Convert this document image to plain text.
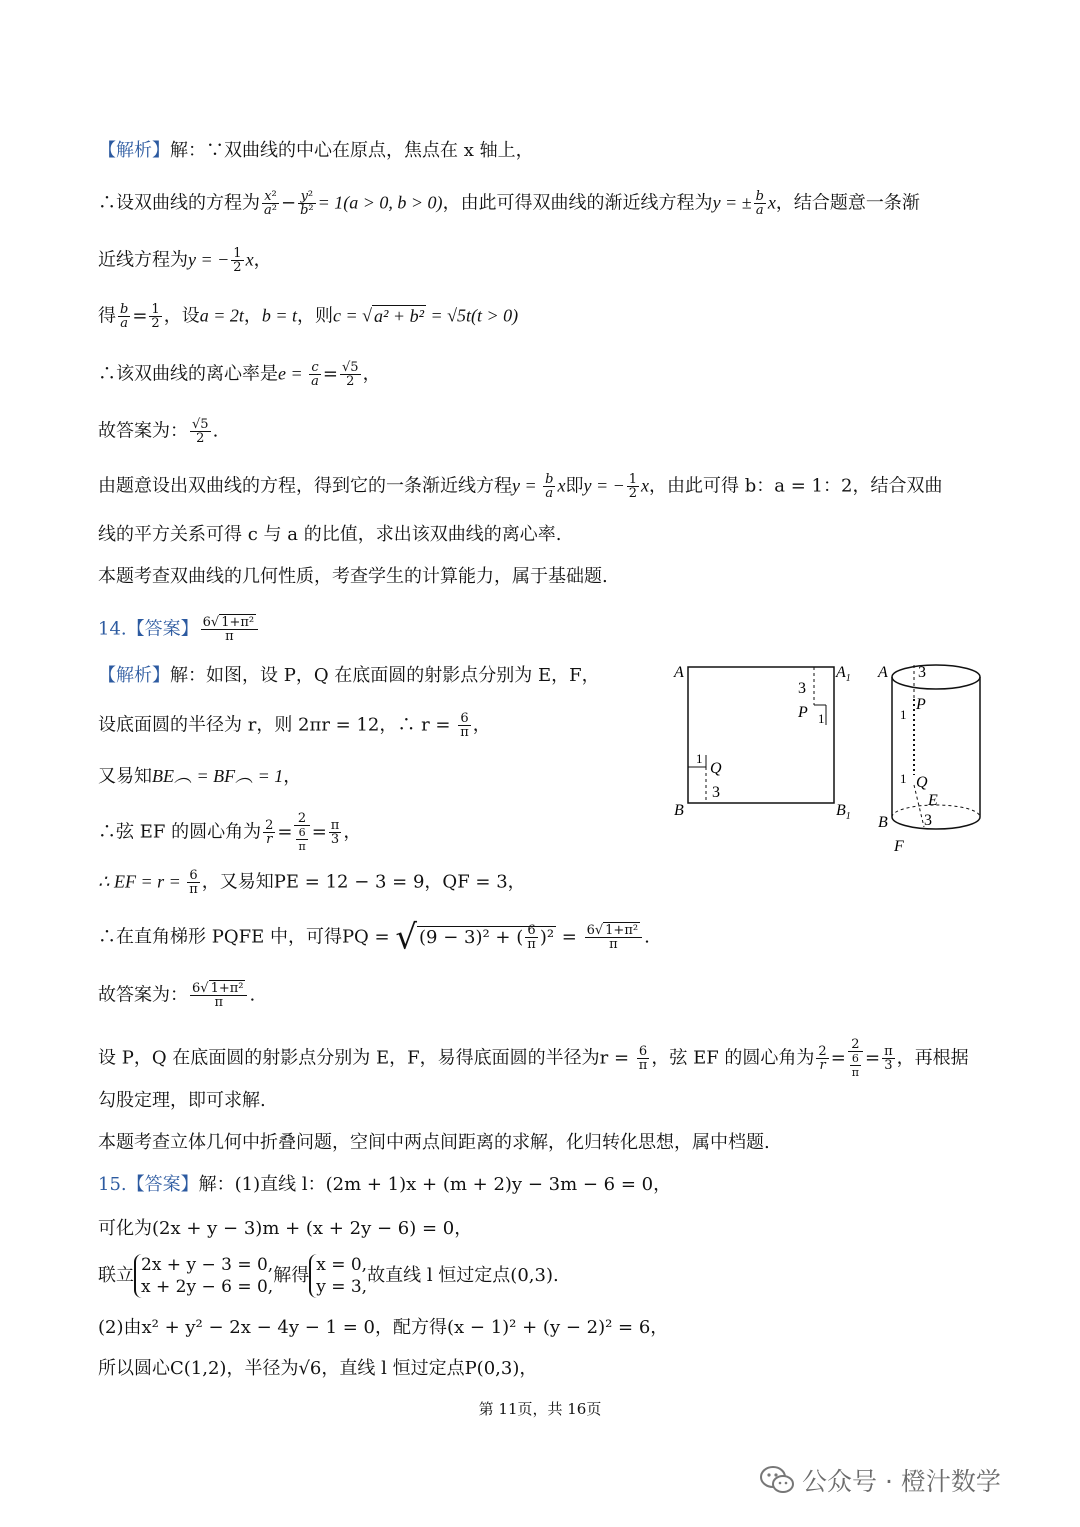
【解析】解：∵双曲线的中心在原点，焦点在 x 轴上，
∴设双曲线的方程为 $\frac{\text{x²}}{\text{a²}} - \frac{\text{y²}}{\text{b²}} = 1(a > 0$, b > 0)，由此可得双曲线的渐近线方程为y = ± $\frac{b}{a}$ x，结合题意一条渐
近线方程为y = − $\frac{1}{2}$ x，
得 $\frac{b}{a} = \frac{1}{2}$ ，设a = 2t，b = t，则c = √ a² + b² = √5t(t > 0)
∴该双曲线的离心率是$e = \frac{c}{a} = \frac{√5}{2}$ ，
故答案为： $\frac{√5}{2}$ .
由题意设出双曲线的方程，得到它的一条渐近线方程$y = \frac{b}{a}$ x即y = − $\frac{1}{2}$ x，由此可得 b：a = 1：2，结合双曲
线的平方关系可得 c 与 a 的比值，求出该双曲线的离心率.
本题考查双曲线的几何性质，考查学生的计算能力，属于基础题.
14.【答案】 $\frac{\text{6√ 1+π²}}{\pi}$
【解析】解：如图，设 P，Q 在底面圆的射影点分别为 E，F，
设底面圆的半径为 r，则 2πr = 12，∴ $r = \frac{6}{\pi}$ ，
又易知BE︵ = BF︵ = 1，
∴弦 EF 的圆心角为 $\frac{2}{r} = \frac{2}{\frac{6}{\pi}} = \frac{\pi}{3}$ ，
∴ EF = $r = \frac{6}{\pi}$ ，又易知PE = 12 − 3 = 9，QF = 3，
∴在直角梯形 PQFE 中，可得PQ = √ (9 − 3)² + ( $\frac{6}{\pi} )^2 = \frac{\text{6√ 1+π²}}{\pi}$ .
故答案为： $\frac{\text{6√ 1+π²}}{\pi}$ .
设 P，Q 在底面圆的射影点分别为 E，F，易得底面圆的半径为$r = \frac{6}{\pi}$ ，弦 EF 的圆心角为 $\frac{2}{r} = \frac{2}{\frac{6}{\pi}} = \frac{\pi}{3}$ ，再根据
勾股定理，即可求解.
本题考查立体几何中折叠问题，空间中两点间距离的求解，化归转化思想，属中档题.
15.【答案】解：(1)直线 l：(2m + 1)x + (m + 2)y − 3m − 6 = 0，
可化为(2x + y − 3)m + (x + 2y − 6) = 0，
联立 2x + y − 3 = 0,
x + 2y − 6 = 0,解得 x = 0,
y = 3,故直线 l 恒过定点(0,3).
(2)由x² + y² − 2x − 4y − 1 = 0，配方得(x − 1)² + (y − 2)² = 6，
所以圆心C(1,2)，半径为√6，直线 l 恒过定点P(0,3)，
A	$A_1$
B	$B_1$
3
P 1
1
Q
3
A 3
P
1
1 Q
E
3
B
F
第 11页，共 16页
公众号 · 橙汁数学
